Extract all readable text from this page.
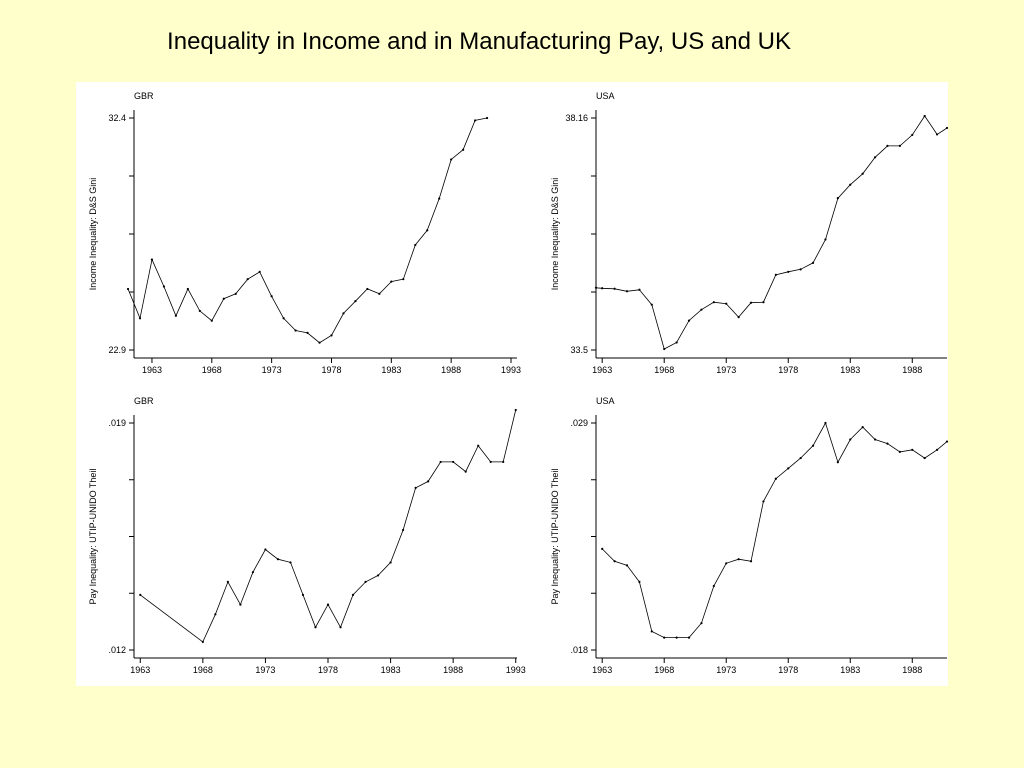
Inequality in Income and in Manufacturing Pay, US and UK
GBR
22.9
32.4
1963	1968	1973	1978	1983	1988	1993
Income Inequality: D&S Gini
USA
33.5
38.16
1963	1968	1973	1978	1983	1988
Income Inequality: D&S Gini
GBR
.012
.019
1963	1968	1973	1978	1983	1988	1993
Pay Inequality: UTIP-UNIDO Theil
USA
.018
.029
1963	1968	1973	1978	1983	1988
Pay Inequality: UTIP-UNIDO Theil
